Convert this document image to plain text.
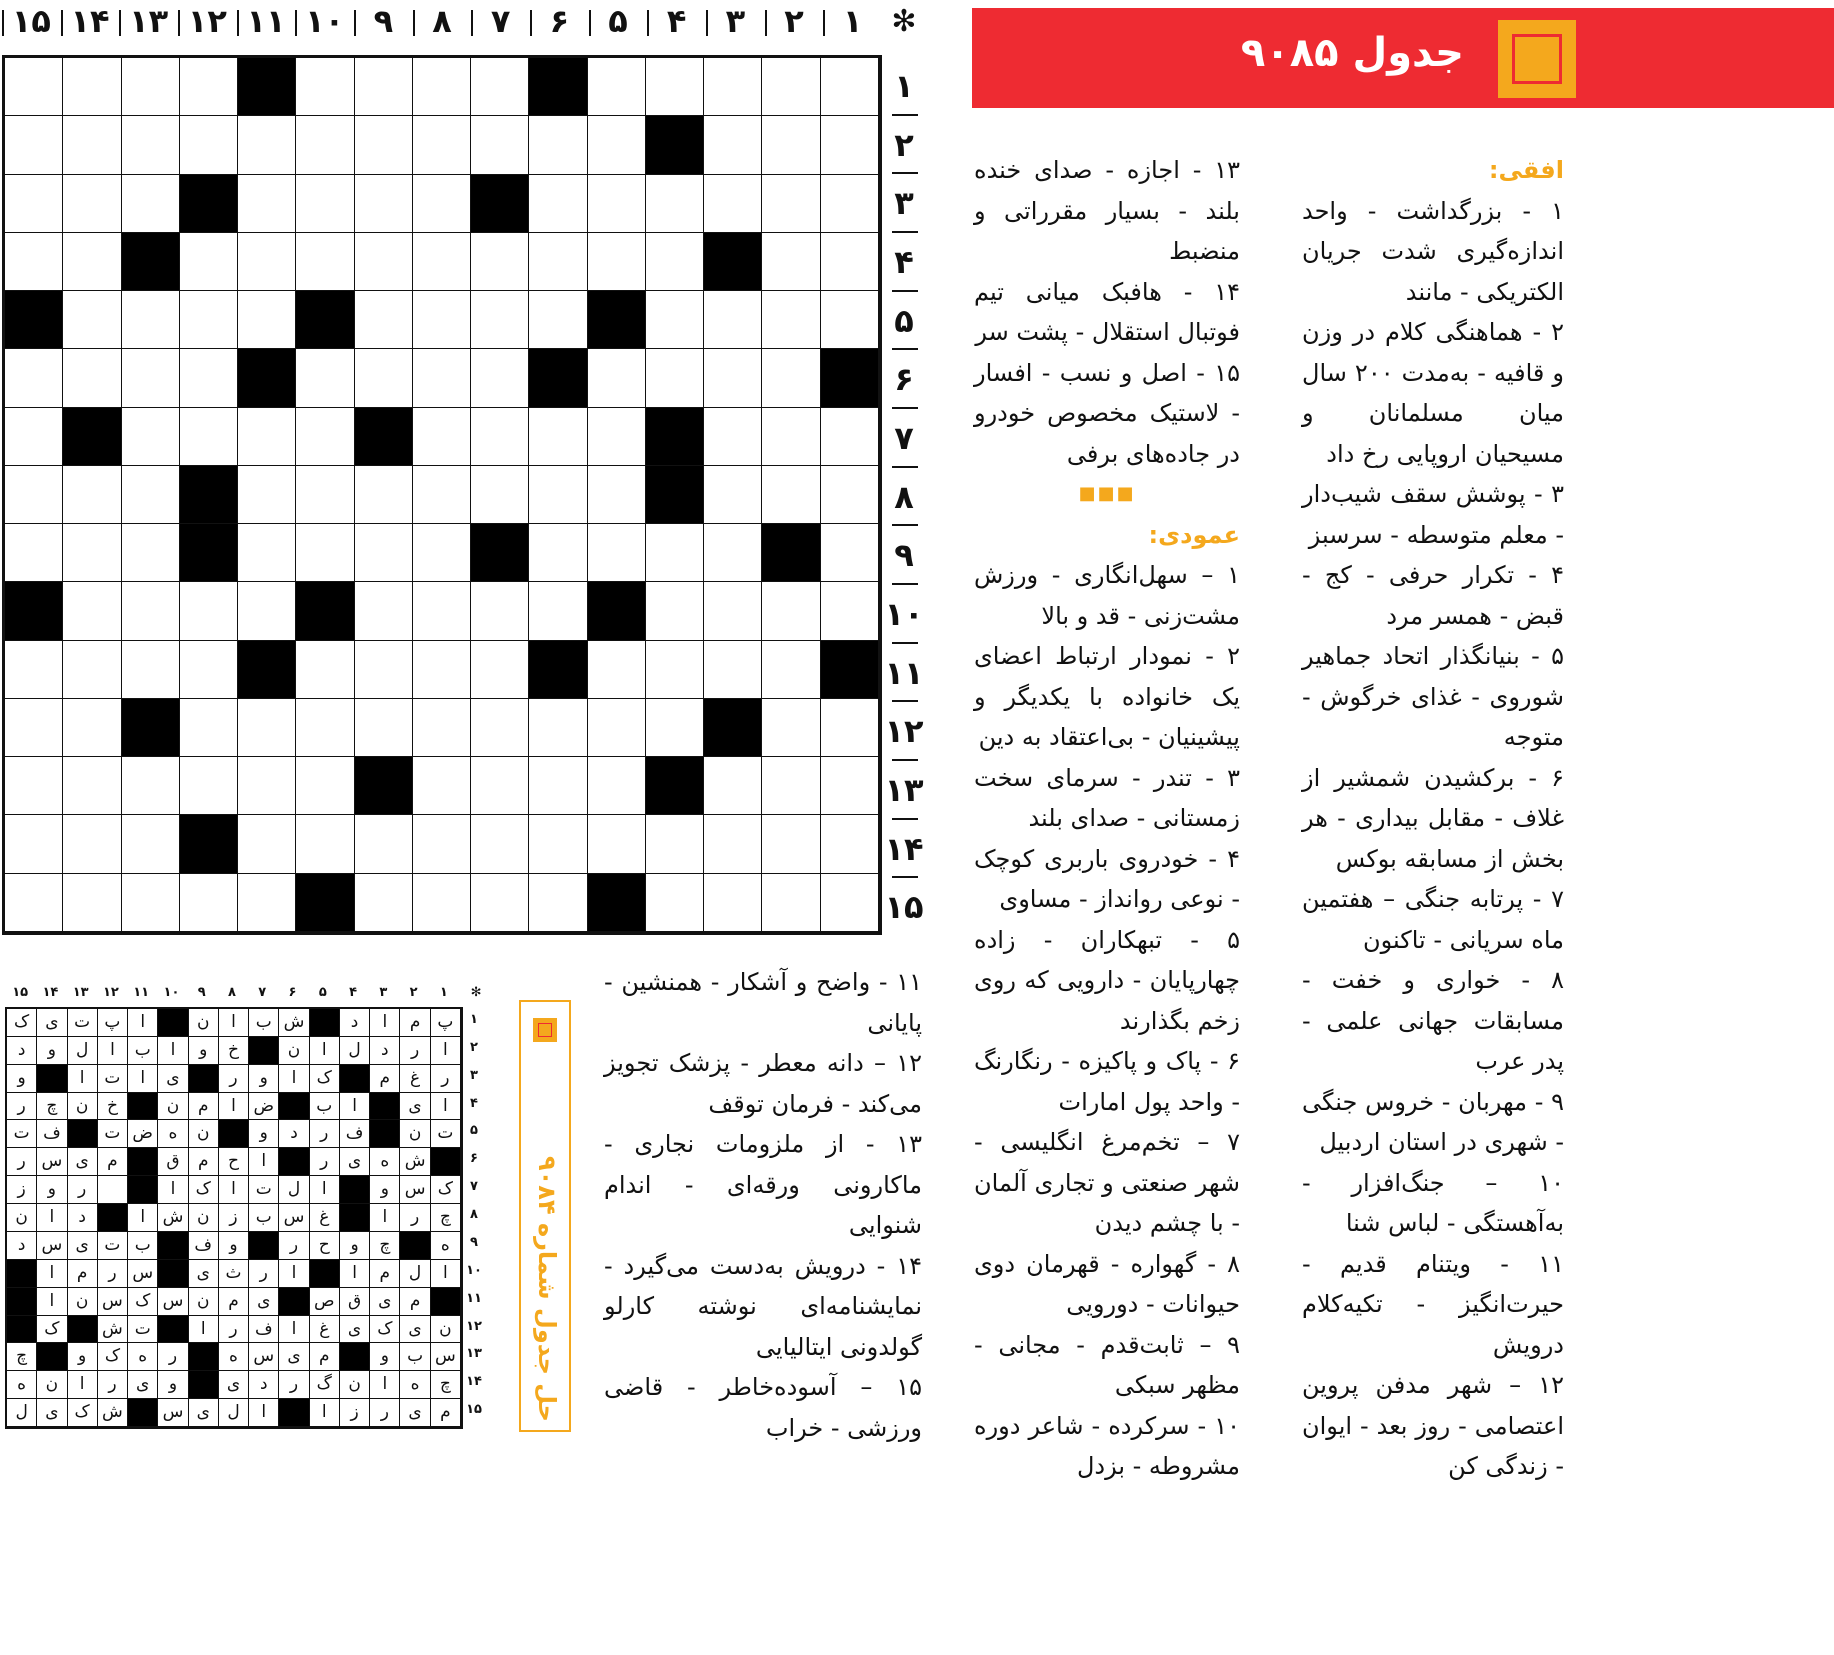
۱
۲
۳
۴
۵
۶
۷
۸
۹
۱۰
۱۱
۱۲
۱۳
۱۴
۱۵	✻
۱
۲
۳
۴
۵
۶
۷
۸
۹
۱۰
۱۱
۱۲
۱۳
۱۴
۱۵
جدول ۹۰۸۵

افقی:

۱ - بزرگداشت - واحد اندازه‌گیری شدت جریان الکتریکی - مانند

۲ - هماهنگی کلام در وزن و قافیه - به‌مدت ۲۰۰ سال میان مسلمانان و مسیحیان اروپایی رخ داد

۳ - پوشش سقف شیب‌دار - معلم متوسطه - سرسبز

۴ - تکرار حرفی - کج - قبض - همسر مرد

۵ - بنیانگذار اتحاد جماهیر شوروی - غذای خرگوش - متوجه

۶ - برکشیدن شمشیر از غلاف - مقابل بیداری - هر بخش از مسابقه بوکس

۷ - پرتابه جنگی – هفتمین ماه سریانی - تاکنون

۸ - خواری و خفت - مسابقات جهانی علمی - پدر عرب

۹ - مهربان - خروس جنگی - شهری در استان اردبیل

۱۰ – جنگ‌افزار - به‌آهستگی - لباس شنا

۱۱ - ویتنام قدیم - حیرت‌انگیز - تکیه‌کلام درویش

۱۲ – شهر مدفن پروین اعتصامی - روز بعد - ایوان - زندگی کن

۱۳ - اجازه - صدای خنده بلند - بسیار مقرراتی و منضبط

۱۴ - هافبک میانی تیم فوتبال استقلال - پشت سر

۱۵ - اصل و نسب - افسار - لاستیک مخصوص خودرو در جاده‌های برفی

■■■

عمودی:

۱ – سهل‌انگاری - ورزش مشت‌زنی - قد و بالا

۲ - نمودار ارتباط اعضای یک خانواده با یکدیگر و پیشینیان - بی‌اعتقاد به دین

۳ - تندر - سرمای سخت زمستانی - صدای بلند

۴ - خودروی باربری کوچک - نوعی رو‌انداز - مساوی

۵ - تبهکاران - زاده چهارپایان - دارویی که روی زخم بگذارند

۶ - پاک و پاکیزه - رنگارنگ - واحد پول امارات

۷ – تخم‌مرغ انگلیسی - شهر صنعتی و تجاری آلمان - با چشم دیدن

۸ - گهواره - قهرمان دوی حیوانات - دورویی

۹ – ثابت‌قدم - مجانی - مظهر سبکی

۱۰ - سرکرده - شاعر دوره مشروطه - بزدل

۱۱ - واضح و آشکار - همنشین - پایانی

۱۲ – دانه معطر - پزشک تجویز می‌کند - فرمان توقف

۱۳ - از ملزومات نجاری - ماکارونی ورقه‌ای - اندام شنوایی

۱۴ - درویش به‌دست می‌گیرد - نمایشنامه‌ای نوشته کارلو گولدونی ایتالیایی

۱۵ – آسوده‌خاطر - قاضی ورزشی - خراب

حل جدول شماره ۹۰۸۴
✻
۱
۲
۳
۴
۵
۶
۷
۸
۹
۱۰
۱۱
۱۲
۱۳
۱۴
۱۵
پ
م
ا
د
ش
ب
ا
ن
ا
پ
ت
ی
ک
ا
ر
د
ل
ا
ن
خ
و
ا
ب
ا
ل
و
د
ر
غ
م
ک
ا
و
ر
ی
ا
ت
ا
و
ا
ی
ا
ب
ض
ا
م
ن
خ
ن
چ
ر
ت
ن
ف
ر
د
و
ن
ه
ض
ت
ف
ت
ش
ه
ی
ر
ا
ح
م
ق
م
ی
س
ر
ک
س
و
ا
ل
ت
ا
ک
ا
ر
و
ز
چ
ر
ا
غ
س
ب
ز
ن
ش
ا
د
ا
ن
ه
چ
و
ح
ر
و
ف
ب
ت
ی
س
د
ا
ل
م
ا
ا
ر
ث
ی
س
ر
م
ا
م
ی
ق
ص
ی
م
ن
س
ک
س
ن
ا
ن
ی
ک
ی
غ
ا
ف
ر
ا
ت
ش
ک
س
ب
و
م
ی
س
ه
ر
ه
ک
و
چ
چ
ه
ا
ن
گ
ر
د
ی
و
ی
ر
ا
ن
ه
م
ی
ر
ز
ا
ا
ل
ی
س
ش
ک
ی
ل
۱
۲
۳
۴
۵
۶
۷
۸
۹
۱۰
۱۱
۱۲
۱۳
۱۴
۱۵
